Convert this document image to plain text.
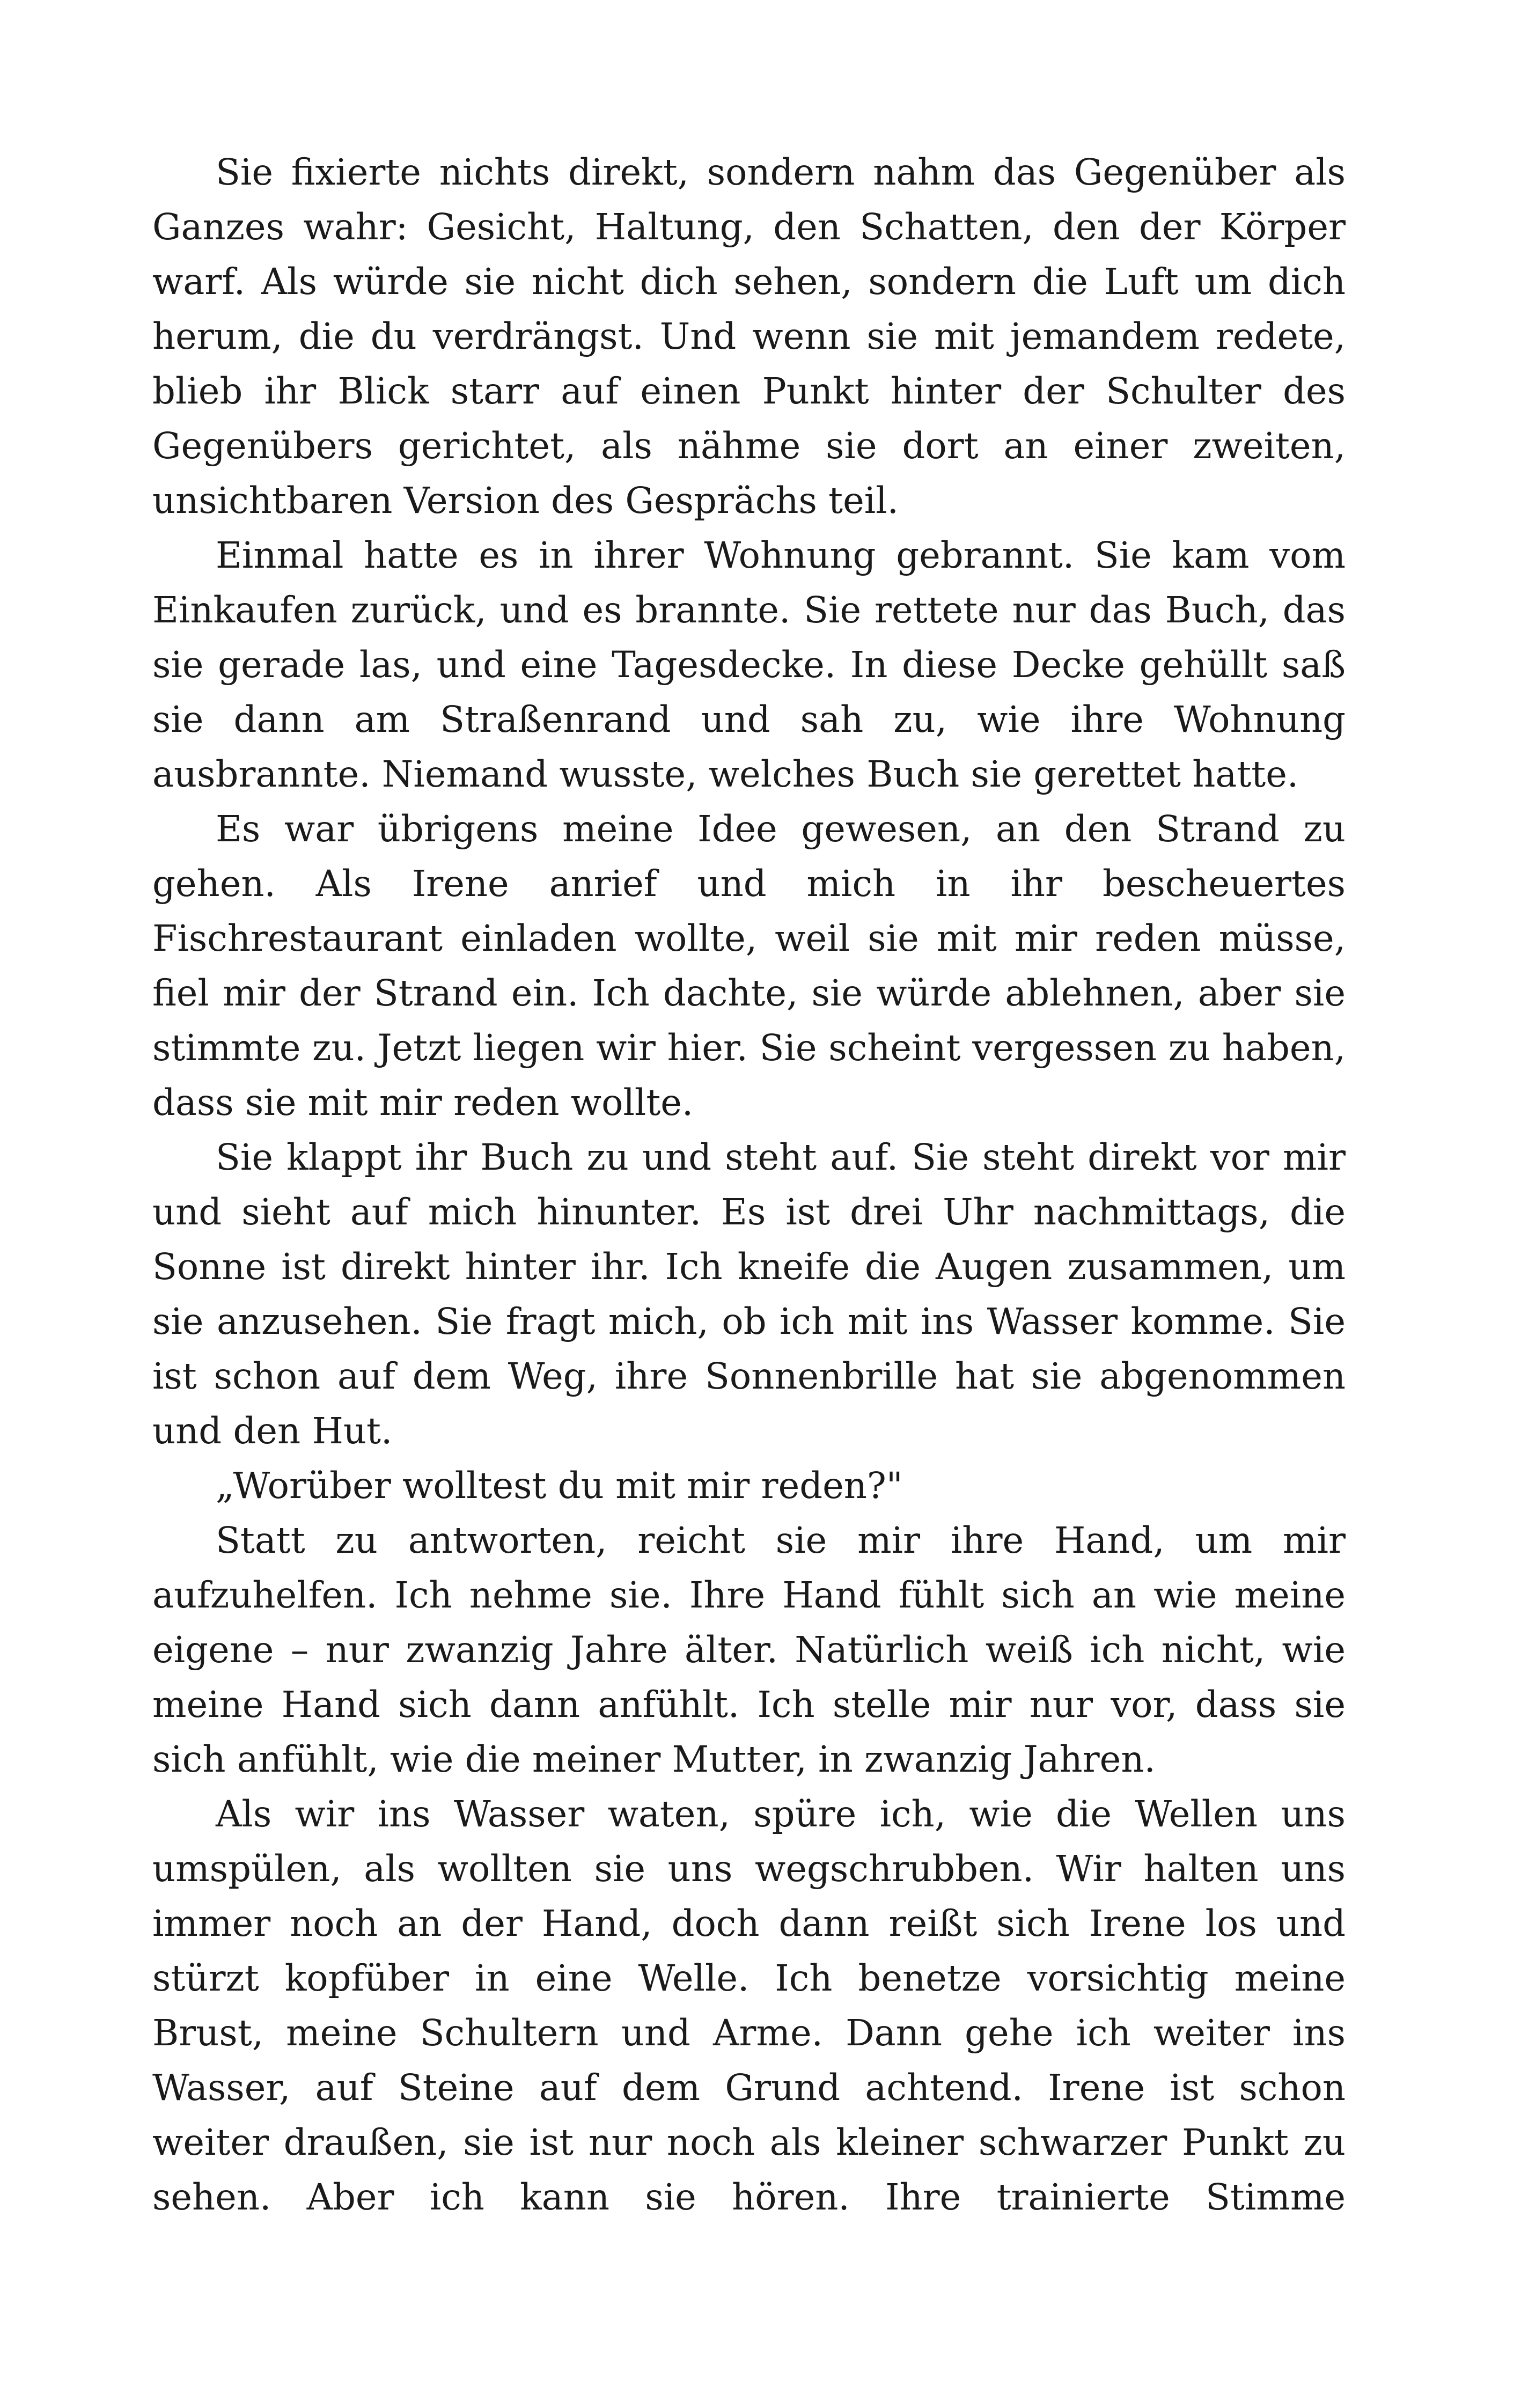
Sie fixierte nichts direkt, sondern nahm das Gegenüber als Ganzes wahr: Gesicht, Haltung, den Schatten, den der Körper warf. Als würde sie nicht dich sehen, sondern die Luft um dich herum, die du verdrängst. Und wenn sie mit jemandem redete, blieb ihr Blick starr auf einen Punkt hinter der Schulter des Gegenübers gerichtet, als nähme sie dort an einer zweiten, unsichtbaren Version des Gesprächs teil.

Einmal hatte es in ihrer Wohnung gebrannt. Sie kam vom Einkaufen zurück, und es brannte. Sie rettete nur das Buch, das sie gerade las, und eine Tagesdecke. In diese Decke gehüllt saß sie dann am Straßenrand und sah zu, wie ihre Wohnung ausbrannte. Niemand wusste, welches Buch sie gerettet hatte.

Es war übrigens meine Idee gewesen, an den Strand zu gehen. Als Irene anrief und mich in ihr bescheuertes Fischrestaurant einladen wollte, weil sie mit mir reden müsse, fiel mir der Strand ein. Ich dachte, sie würde ablehnen, aber sie stimmte zu. Jetzt liegen wir hier. Sie scheint vergessen zu haben, dass sie mit mir reden wollte.

Sie klappt ihr Buch zu und steht auf. Sie steht direkt vor mir und sieht auf mich hinunter. Es ist drei Uhr nachmittags, die Sonne ist direkt hinter ihr. Ich kneife die Augen zusammen, um sie anzusehen. Sie fragt mich, ob ich mit ins Wasser komme. Sie ist schon auf dem Weg, ihre Sonnenbrille hat sie abgenommen und den Hut.

„Worüber wolltest du mit mir reden?"

Statt zu antworten, reicht sie mir ihre Hand, um mir aufzuhelfen. Ich nehme sie. Ihre Hand fühlt sich an wie meine eigene – nur zwanzig Jahre älter. Natürlich weiß ich nicht, wie meine Hand sich dann anfühlt. Ich stelle mir nur vor, dass sie sich anfühlt, wie die meiner Mutter, in zwanzig Jahren.

Als wir ins Wasser waten, spüre ich, wie die Wellen uns umspülen, als wollten sie uns wegschrubben. Wir halten uns immer noch an der Hand, doch dann reißt sich Irene los und stürzt kopfüber in eine Welle. Ich benetze vorsichtig meine Brust, meine Schultern und Arme. Dann gehe ich weiter ins Wasser, auf Steine auf dem Grund achtend. Irene ist schon weiter draußen, sie ist nur noch als kleiner schwarzer Punkt zu sehen. Aber ich kann sie hören. Ihre trainierte Stimme
